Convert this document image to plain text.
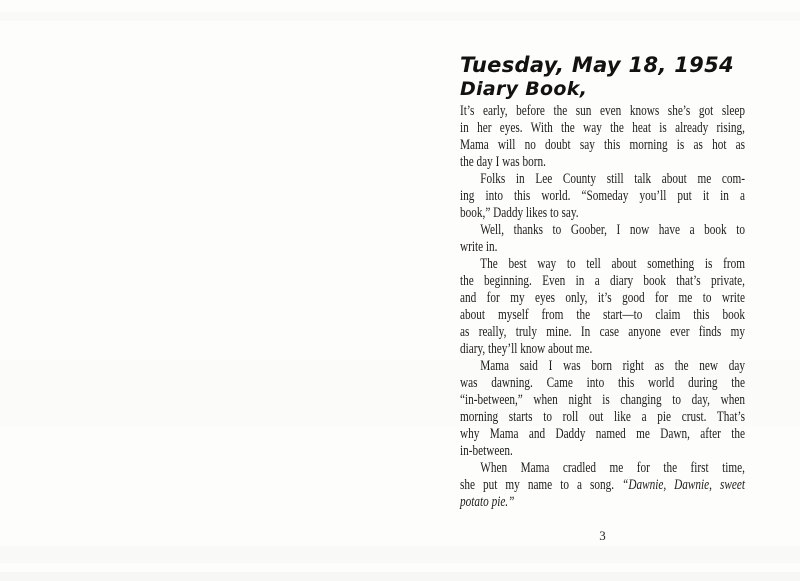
Tuesday, May 18, 1954
Diary Book,
It’s early, before the sun even knows she’s got sleep
in her eyes. With the way the heat is already rising,
Mama will no doubt say this morning is as hot as
the day I was born.
Folks in Lee County still talk about me com-
ing into this world. “Someday you’ll put it in a
book,” Daddy likes to say.
Well, thanks to Goober, I now have a book to
write in.
The best way to tell about something is from
the beginning. Even in a diary book that’s private,
and for my eyes only, it’s good for me to write
about myself from the start—to claim this book
as really, truly mine. In case anyone ever finds my
diary, they’ll know about me.
Mama said I was born right as the new day
was dawning. Came into this world during the
“in-between,” when night is changing to day, when
morning starts to roll out like a pie crust. That’s
why Mama and Daddy named me Dawn, after the
in-between.
When Mama cradled me for the first time,
she put my name to a song. “Dawnie, Dawnie, sweet
potato pie.”
3
